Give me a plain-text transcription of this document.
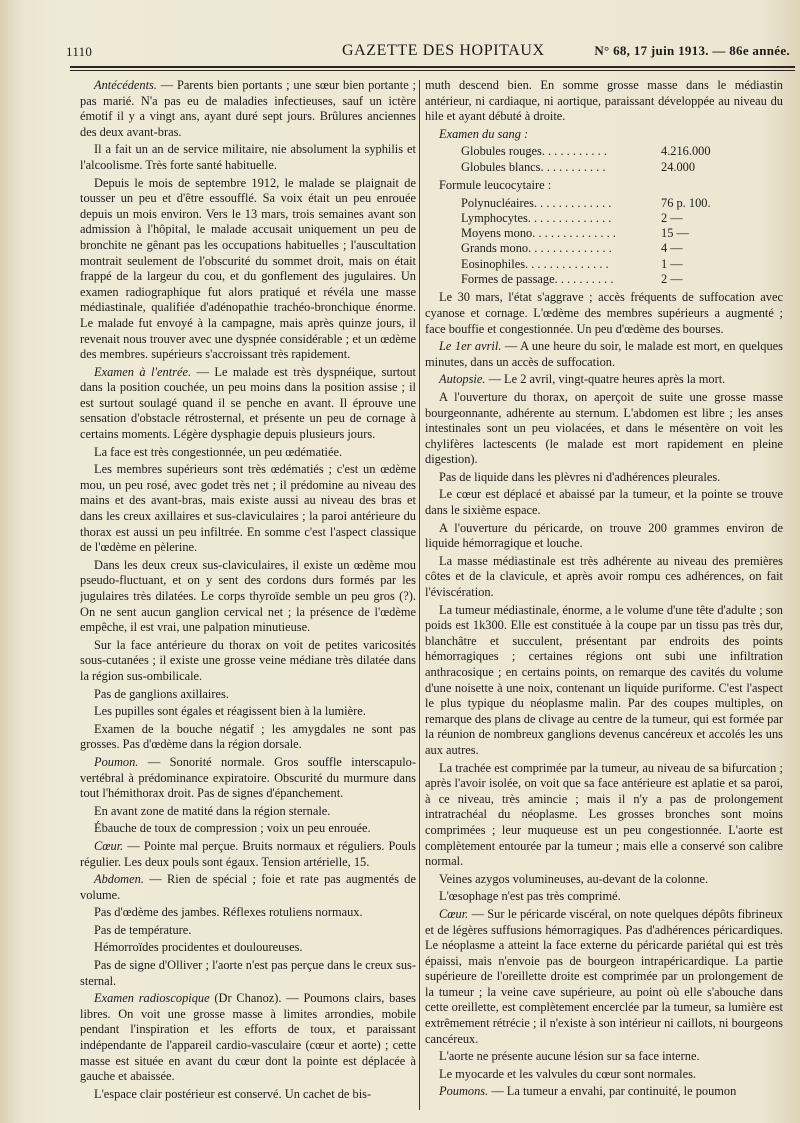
1110	GAZETTE DES HOPITAUX	N° 68, 17 juin 1913. — 86e année.

Antécédents. — Parents bien portants ; une sœur bien portante ; pas marié. N'a pas eu de maladies infectieuses, sauf un ictère émotif il y a vingt ans, ayant duré sept jours. Brûlures anciennes des deux avant-bras.

Il a fait un an de service militaire, nie absolument la syphilis et l'alcoolisme. Très forte santé habituelle.

Depuis le mois de septembre 1912, le malade se plaignait de tousser un peu et d'être essoufflé. Sa voix était un peu enrouée depuis un mois environ. Vers le 13 mars, trois semaines avant son admission à l'hôpital, le malade accusait uniquement un peu de bronchite ne gênant pas les occupations habituelles ; l'auscultation montrait seulement de l'obscurité du sommet droit, mais on était frappé de la largeur du cou, et du gonflement des jugulaires. Un examen radiographique fut alors pratiqué et révéla une masse médiastinale, qualifiée d'adénopathie trachéo-bronchique énorme. Le malade fut envoyé à la campagne, mais après quinze jours, il revenait nous trouver avec une dyspnée considérable ; et un œdème des membres. supérieurs s'accroissant très rapidement.

Examen à l'entrée. — Le malade est très dyspnéique, surtout dans la position couchée, un peu moins dans la position assise ; il est surtout soulagé quand il se penche en avant. Il éprouve une sensation d'obstacle rétrosternal, et présente un peu de cornage à certains moments. Légère dysphagie depuis plusieurs jours.

La face est très congestionnée, un peu œdématiée.

Les membres supérieurs sont très œdématiés ; c'est un œdème mou, un peu rosé, avec godet très net ; il prédomine au niveau des mains et des avant-bras, mais existe aussi au niveau des bras et dans les creux axillaires et sus-claviculaires ; la paroi antérieure du thorax est aussi un peu infiltrée. En somme c'est l'aspect classique de l'œdème en pèlerine.

Dans les deux creux sus-claviculaires, il existe un œdème mou pseudo-fluctuant, et on y sent des cordons durs formés par les jugulaires très dilatées. Le corps thyroïde semble un peu gros (?). On ne sent aucun ganglion cervical net ; la présence de l'œdème empêche, il est vrai, une palpation minutieuse.

Sur la face antérieure du thorax on voit de petites varicosités sous-cutanées ; il existe une grosse veine médiane très dilatée dans la région sus-ombilicale.

Pas de ganglions axillaires.

Les pupilles sont égales et réagissent bien à la lumière.

Examen de la bouche négatif ; les amygdales ne sont pas grosses. Pas d'œdème dans la région dorsale.

Poumon. — Sonorité normale. Gros souffle interscapulo-vertébral à prédominance expiratoire. Obscurité du murmure dans tout l'hémithorax droit. Pas de signes d'épanchement.

En avant zone de matité dans la région sternale.

Ébauche de toux de compression ; voix un peu enrouée.

Cœur. — Pointe mal perçue. Bruits normaux et réguliers. Pouls régulier. Les deux pouls sont égaux. Tension artérielle, 15.

Abdomen. — Rien de spécial ; foie et rate pas augmentés de volume.

Pas d'œdème des jambes. Réflexes rotuliens normaux.

Pas de température.

Hémorroïdes procidentes et douloureuses.

Pas de signe d'Olliver ; l'aorte n'est pas perçue dans le creux sus-sternal.

Examen radioscopique (Dr Chanoz). — Poumons clairs, bases libres. On voit une grosse masse à limites arrondies, mobile pendant l'inspiration et les efforts de toux, et paraissant indépendante de l'appareil cardio-vasculaire (cœur et aorte) ; cette masse est située en avant du cœur dont la pointe est déplacée à gauche et abaissée.

L'espace clair postérieur est conservé. Un cachet de bis-

muth descend bien. En somme grosse masse dans le médiastin antérieur, ni cardiaque, ni aortique, paraissant développée au niveau du hile et ayant débuté à droite.

Examen du sang :

Globules rouges. . . . . . . . . . .	4.216.000
Globules blancs. . . . . . . . . . .	24.000

Formule leucocytaire :

Polynucléaires. . . . . . . . . . . . .	76 p. 100.
Lymphocytes. . . . . . . . . . . . . .	2 —
Moyens mono. . . . . . . . . . . . . .	15 —
Grands mono. . . . . . . . . . . . . .	4 —
Eosinophiles. . . . . . . . . . . . . .	1 —
Formes de passage. . . . . . . . . .	2 —

Le 30 mars, l'état s'aggrave ; accès fréquents de suffocation avec cyanose et cornage. L'œdème des membres supérieurs a augmenté ; face bouffie et congestionnée. Un peu d'œdème des bourses.

Le 1er avril. — A une heure du soir, le malade est mort, en quelques minutes, dans un accès de suffocation.

Autopsie. — Le 2 avril, vingt-quatre heures après la mort.

A l'ouverture du thorax, on aperçoit de suite une grosse masse bourgeonnante, adhérente au sternum. L'abdomen est libre ; les anses intestinales sont un peu violacées, et dans le mésentère on voit les chylifères lactescents (le malade est mort rapidement en pleine digestion).

Pas de liquide dans les plèvres ni d'adhérences pleurales.

Le cœur est déplacé et abaissé par la tumeur, et la pointe se trouve dans le sixième espace.

A l'ouverture du péricarde, on trouve 200 grammes environ de liquide hémorragique et louche.

La masse médiastinale est très adhérente au niveau des premières côtes et de la clavicule, et après avoir rompu ces adhérences, on fait l'éviscération.

La tumeur médiastinale, énorme, a le volume d'une tête d'adulte ; son poids est 1k300. Elle est constituée à la coupe par un tissu pas très dur, blanchâtre et succulent, présentant par endroits des points hémorragiques ; certaines régions ont subi une infiltration anthracosique ; en certains points, on remarque des cavités du volume d'une noisette à une noix, contenant un liquide puriforme. C'est l'aspect le plus typique du néoplasme malin. Par des coupes multiples, on remarque des plans de clivage au centre de la tumeur, qui est formée par la réunion de nombreux ganglions devenus cancéreux et accolés les uns aux autres.

La trachée est comprimée par la tumeur, au niveau de sa bifurcation ; après l'avoir isolée, on voit que sa face antérieure est aplatie et sa paroi, à ce niveau, très amincie ; mais il n'y a pas de prolongement intratrachéal du néoplasme. Les grosses bronches sont moins comprimées ; leur muqueuse est un peu congestionnée. L'aorte est complètement entourée par la tumeur ; mais elle a conservé son calibre normal.

Veines azygos volumineuses, au-devant de la colonne.

L'œsophage n'est pas très comprimé.

Cœur. — Sur le péricarde viscéral, on note quelques dépôts fibrineux et de légères suffusions hémorragiques. Pas d'adhérences péricardiques. Le néoplasme a atteint la face externe du péricarde pariétal qui est très épaissi, mais n'envoie pas de bourgeon intrapéricardique. La partie supérieure de l'oreillette droite est comprimée par un prolongement de la tumeur ; la veine cave supérieure, au point où elle s'abouche dans cette oreillette, est complètement encerclée par la tumeur, sa lumière est extrêmement rétrécie ; il n'existe à son intérieur ni caillots, ni bourgeons cancéreux.

L'aorte ne présente aucune lésion sur sa face interne.

Le myocarde et les valvules du cœur sont normales.

Poumons. — La tumeur a envahi, par continuité, le poumon
